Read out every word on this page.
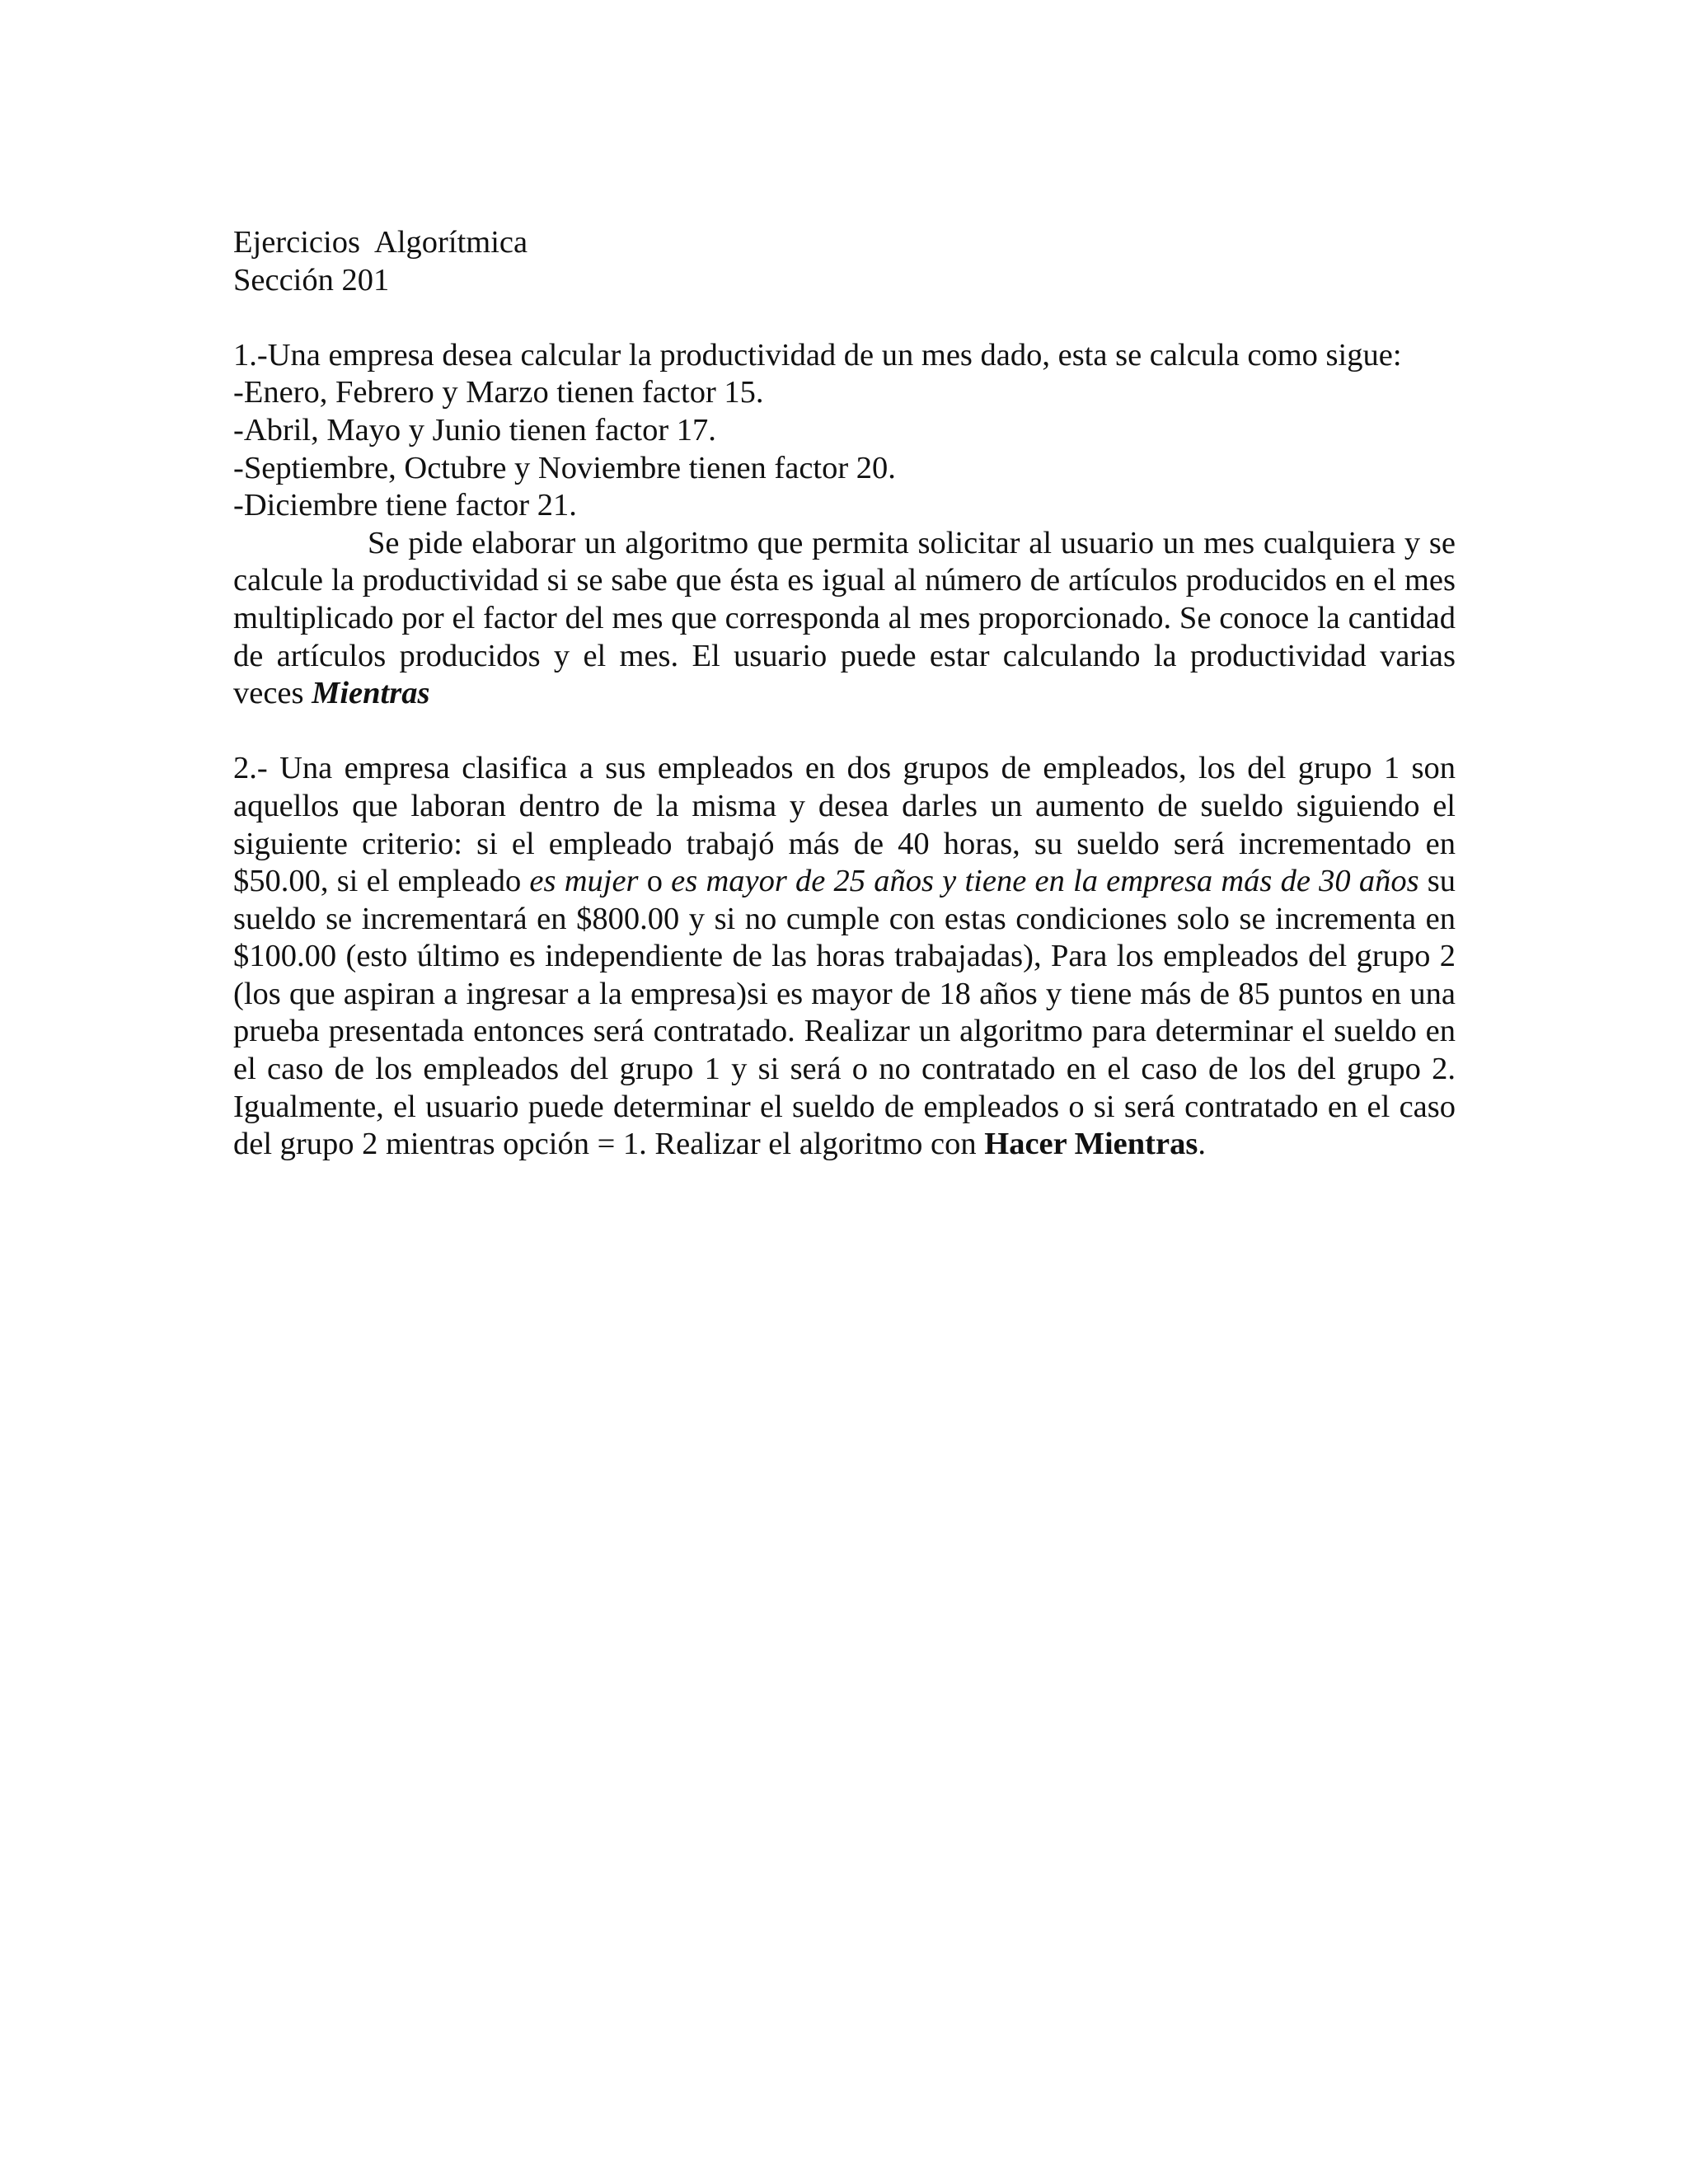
Ejercicios  Algorítmica
Sección 201
1.-Una empresa desea calcular la productividad de un mes dado, esta se calcula como sigue:
-Enero, Febrero y Marzo tienen factor 15.
-Abril, Mayo y Junio tienen factor 17.
-Septiembre, Octubre y Noviembre tienen factor 20.
-Diciembre tiene factor 21.

Se pide elaborar un algoritmo que permita solicitar al usuario un mes cualquiera y se calcule la productividad si se sabe que ésta es igual al número de artículos producidos en el mes multiplicado por el factor del mes que corresponda al mes proporcionado. Se conoce la cantidad de artículos producidos y el mes. El usuario puede estar calculando la productividad varias veces Mientras

2.- Una empresa clasifica a sus empleados en dos grupos de empleados, los del grupo 1 son aquellos que laboran dentro de la misma y desea darles un aumento de sueldo siguiendo el siguiente criterio: si el empleado trabajó más de 40 horas, su sueldo será incrementado en $50.00, si el empleado es mujer o es mayor de 25 años y tiene en la empresa más de 30 años su sueldo se incrementará en $800.00 y si no cumple con estas condiciones solo se incrementa en $100.00 (esto último es independiente de las horas trabajadas), Para los empleados del grupo 2 (los que aspiran a ingresar a la empresa)si es mayor de 18 años y tiene más de 85 puntos en una prueba presentada entonces será contratado. Realizar un algoritmo para determinar el sueldo en el caso de los empleados del grupo 1 y si será o no contratado en el caso de los del grupo 2. Igualmente, el usuario puede determinar el sueldo de empleados o si será contratado en el caso del grupo 2 mientras opción = 1. Realizar el algoritmo con Hacer Mientras.
